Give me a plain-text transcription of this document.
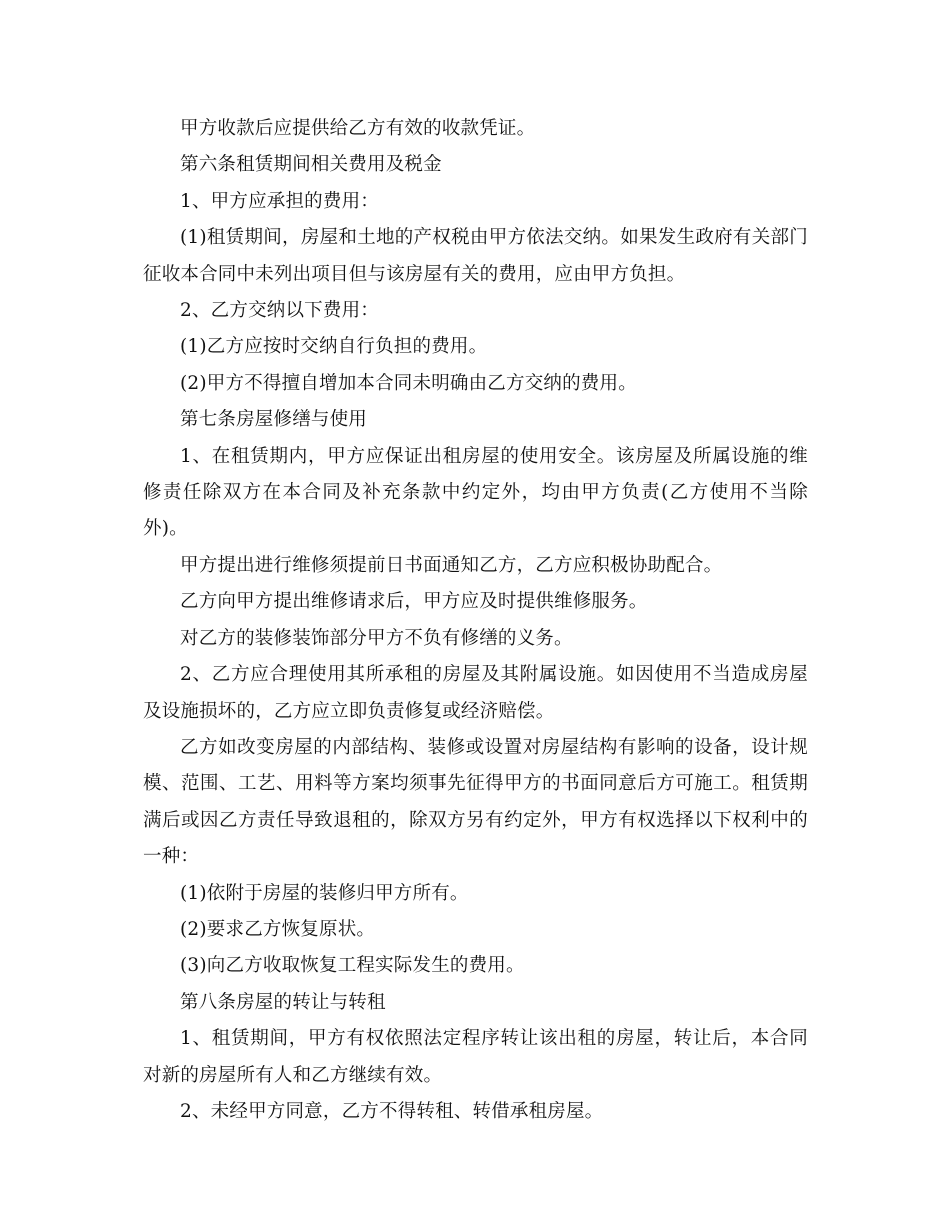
甲方收款后应提供给乙方有效的收款凭证。

第六条租赁期间相关费用及税金

1、甲方应承担的费用：

(1)租赁期间，房屋和土地的产权税由甲方依法交纳。如果发生政府有关部门征收本合同中未列出项目但与该房屋有关的费用，应由甲方负担。

2、乙方交纳以下费用：

(1)乙方应按时交纳自行负担的费用。

(2)甲方不得擅自增加本合同未明确由乙方交纳的费用。

第七条房屋修缮与使用

1、在租赁期内，甲方应保证出租房屋的使用安全。该房屋及所属设施的维修责任除双方在本合同及补充条款中约定外，均由甲方负责(乙方使用不当除外)。

甲方提出进行维修须提前日书面通知乙方，乙方应积极协助配合。

乙方向甲方提出维修请求后，甲方应及时提供维修服务。

对乙方的装修装饰部分甲方不负有修缮的义务。

2、乙方应合理使用其所承租的房屋及其附属设施。如因使用不当造成房屋及设施损坏的，乙方应立即负责修复或经济赔偿。

乙方如改变房屋的内部结构、装修或设置对房屋结构有影响的设备，设计规模、范围、工艺、用料等方案均须事先征得甲方的书面同意后方可施工。租赁期满后或因乙方责任导致退租的，除双方另有约定外，甲方有权选择以下权利中的一种：

(1)依附于房屋的装修归甲方所有。

(2)要求乙方恢复原状。

(3)向乙方收取恢复工程实际发生的费用。

第八条房屋的转让与转租

1、租赁期间，甲方有权依照法定程序转让该出租的房屋，转让后，本合同对新的房屋所有人和乙方继续有效。

2、未经甲方同意，乙方不得转租、转借承租房屋。
